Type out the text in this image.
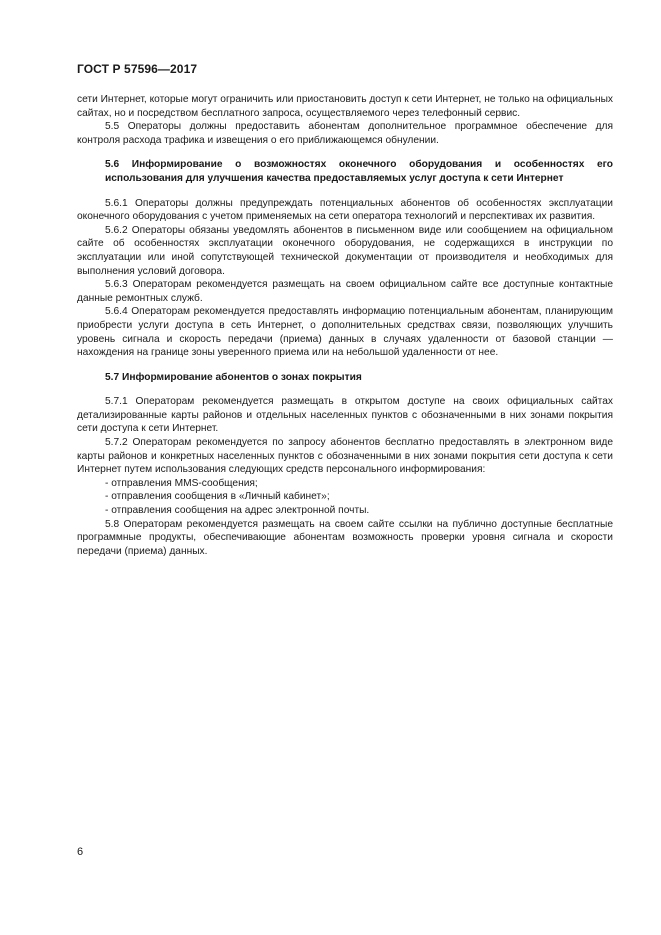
ГОСТ Р 57596—2017

сети Интернет, которые могут ограничить или приостановить доступ к сети Интернет, не только на официальных сайтах, но и посредством бесплатного запроса, осуществляемого через телефонный сервис.

5.5 Операторы должны предоставить абонентам дополнительное программное обеспечение для контроля расхода трафика и извещения о его приближающемся обнулении.

5.6 Информирование о возможностях оконечного оборудования и особенностях его использования для улучшения качества предоставляемых услуг доступа к сети Интернет

5.6.1 Операторы должны предупреждать потенциальных абонентов об особенностях эксплуатации оконечного оборудования с учетом применяемых на сети оператора технологий и перспективах их развития.

5.6.2 Операторы обязаны уведомлять абонентов в письменном виде или сообщением на официальном сайте об особенностях эксплуатации оконечного оборудования, не содержащихся в инструкции по эксплуатации или иной сопутствующей технической документации от производителя и необходимых для выполнения условий договора.

5.6.3 Операторам рекомендуется размещать на своем официальном сайте все доступные контактные данные ремонтных служб.

5.6.4 Операторам рекомендуется предоставлять информацию потенциальным абонентам, планирующим приобрести услуги доступа в сеть Интернет, о дополнительных средствах связи, позволяющих улучшить уровень сигнала и скорость передачи (приема) данных в случаях удаленности от базовой станции — нахождения на границе зоны уверенного приема или на небольшой удаленности от нее.

5.7 Информирование абонентов о зонах покрытия

5.7.1 Операторам рекомендуется размещать в открытом доступе на своих официальных сайтах детализированные карты районов и отдельных населенных пунктов с обозначенными в них зонами покрытия сети доступа к сети Интернет.

5.7.2 Операторам рекомендуется по запросу абонентов бесплатно предоставлять в электронном виде карты районов и конкретных населенных пунктов с обозначенными в них зонами покрытия сети доступа к сети Интернет путем использования следующих средств персонального информирования:

- отправления MMS-сообщения;

- отправления сообщения в «Личный кабинет»;

- отправления сообщения на адрес электронной почты.

5.8 Операторам рекомендуется размещать на своем сайте ссылки на публично доступные бесплатные программные продукты, обеспечивающие абонентам возможность проверки уровня сигнала и скорости передачи (приема) данных.

6
